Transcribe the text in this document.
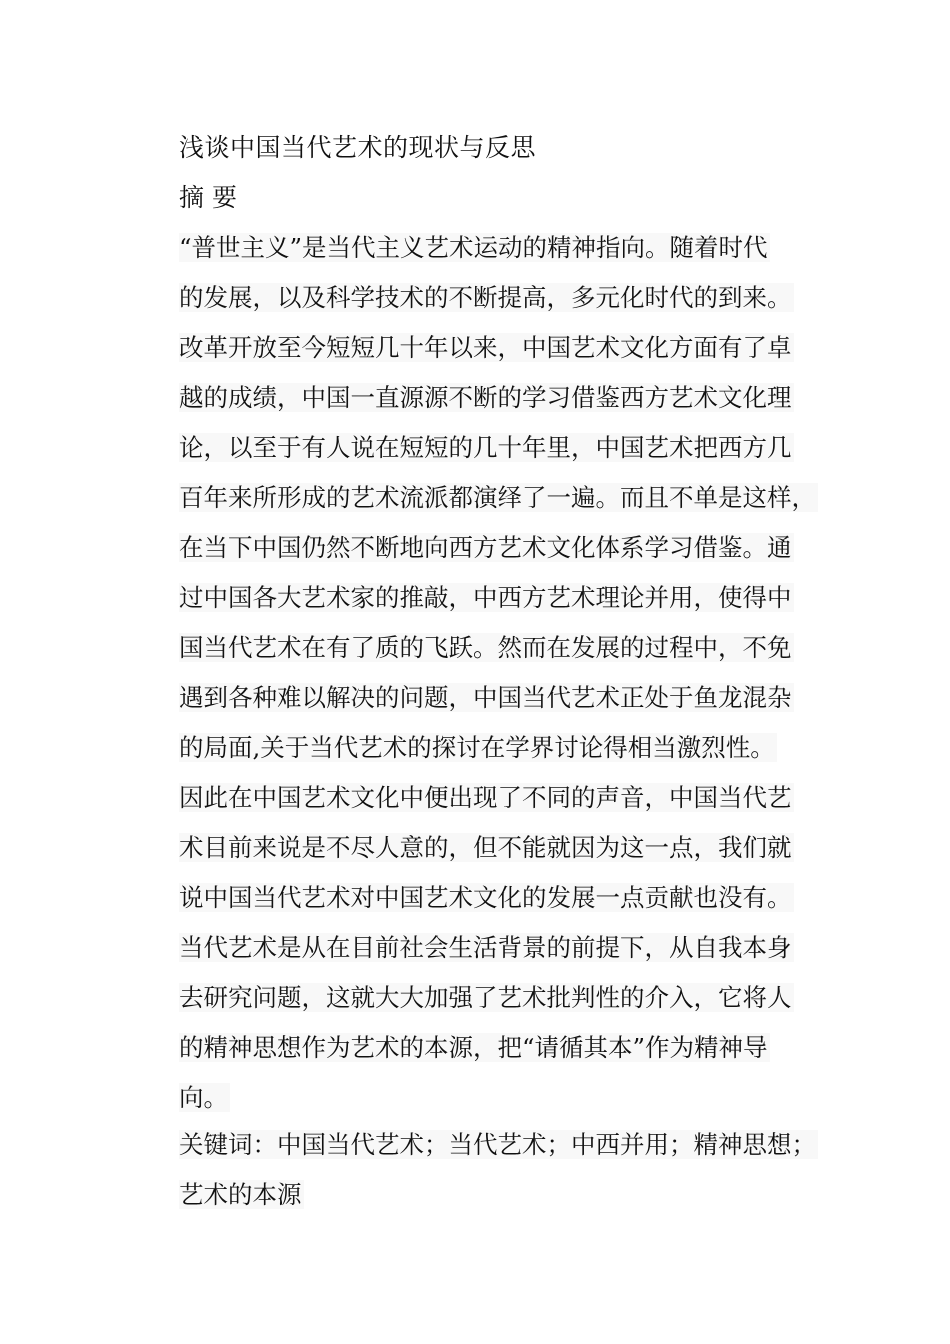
浅谈中国当代艺术的现状与反思
摘 要
“普世主义”是当代主义艺术运动的精神指向。随着时代
的发展，以及科学技术的不断提高，多元化时代的到来。
改革开放至今短短几十年以来，中国艺术文化方面有了卓
越的成绩，中国一直源源不断的学习借鉴西方艺术文化理
论，以至于有人说在短短的几十年里，中国艺术把西方几
百年来所形成的艺术流派都演绎了一遍。而且不单是这样，
在当下中国仍然不断地向西方艺术文化体系学习借鉴。通
过中国各大艺术家的推敲，中西方艺术理论并用，使得中
国当代艺术在有了质的飞跃。然而在发展的过程中，不免
遇到各种难以解决的问题，中国当代艺术正处于鱼龙混杂
的局面,关于当代艺术的探讨在学界讨论得相当激烈性。
因此在中国艺术文化中便出现了不同的声音，中国当代艺
术目前来说是不尽人意的，但不能就因为这一点，我们就
说中国当代艺术对中国艺术文化的发展一点贡献也没有。
当代艺术是从在目前社会生活背景的前提下，从自我本身
去研究问题，这就大大加强了艺术批判性的介入，它将人
的精神思想作为艺术的本源，把“请循其本”作为精神导
向。
关键词：中国当代艺术；当代艺术；中西并用；精神思想；
艺术的本源
